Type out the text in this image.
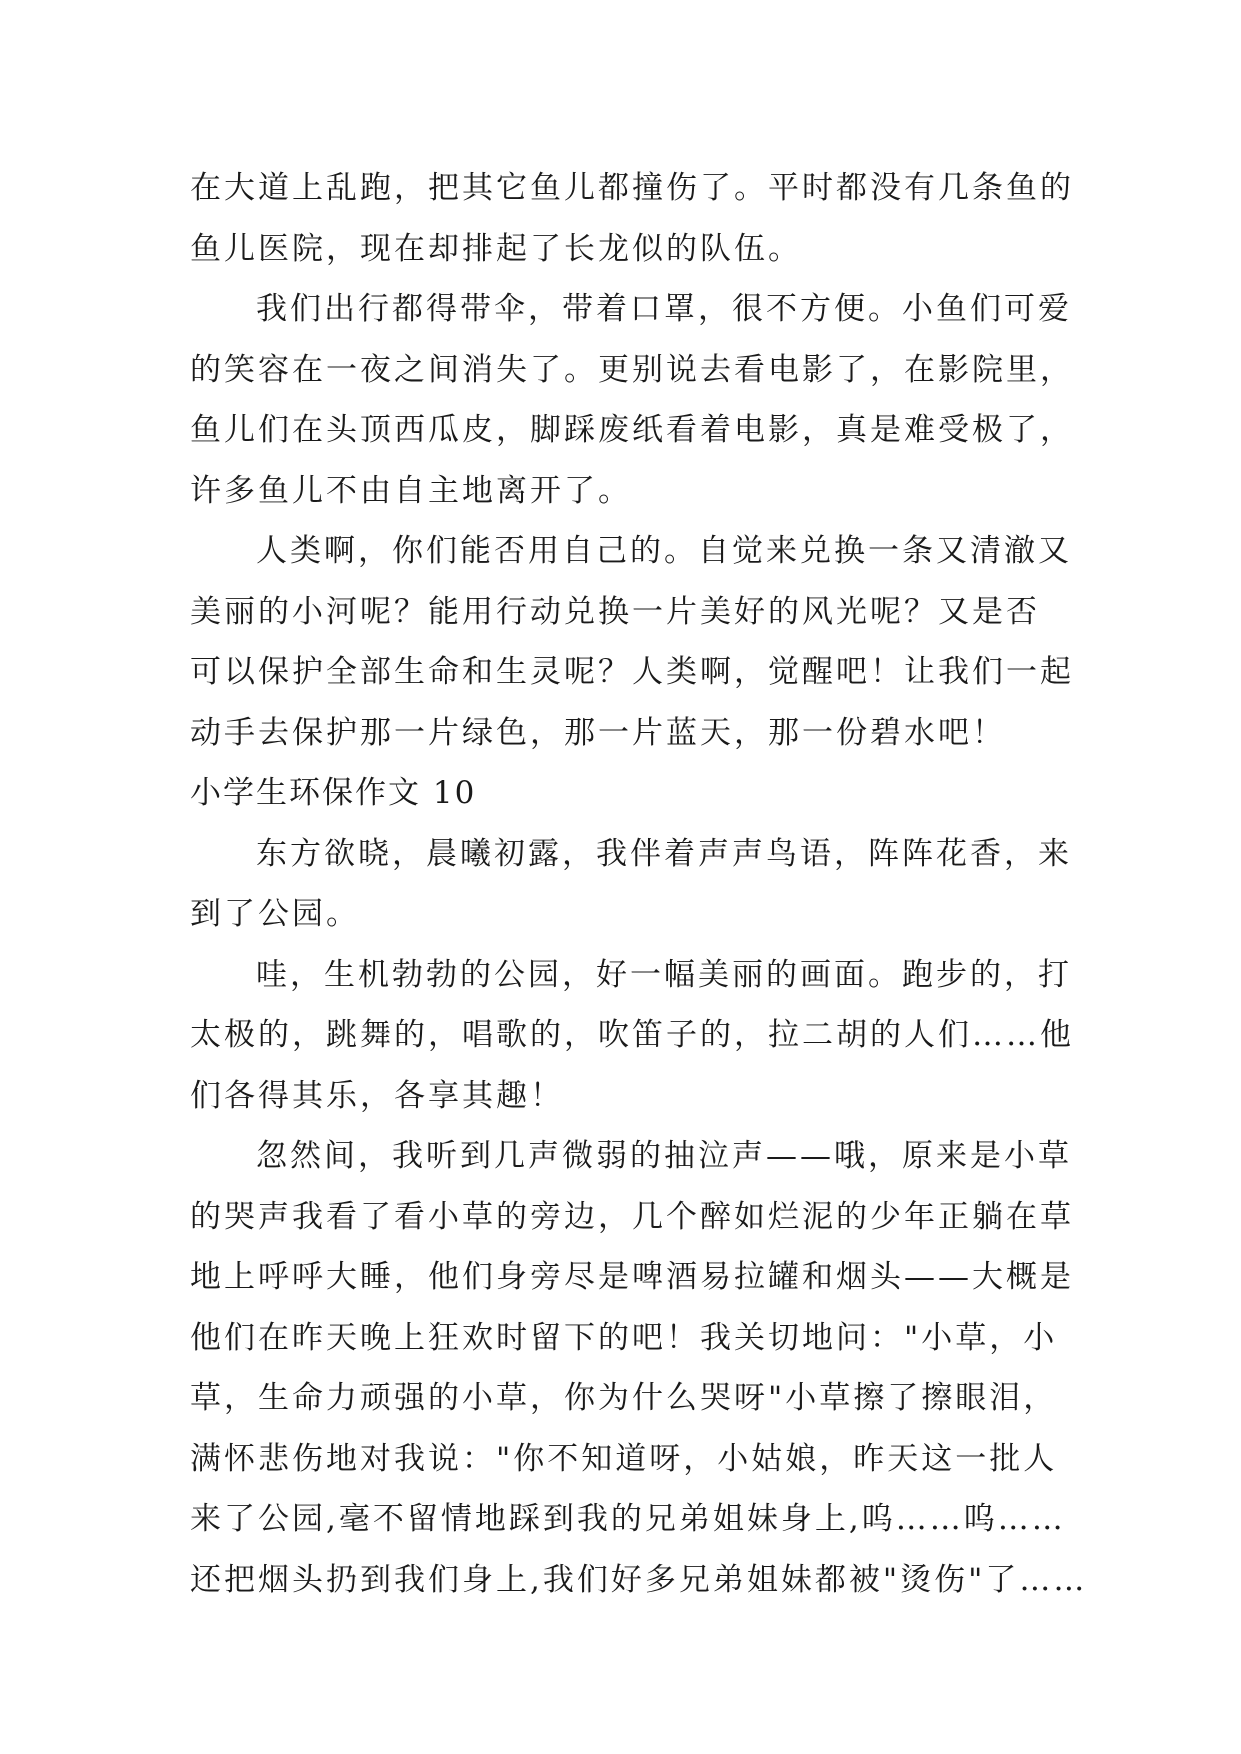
在大道上乱跑，把其它鱼儿都撞伤了。平时都没有几条鱼的
鱼儿医院，现在却排起了长龙似的队伍。
我们出行都得带伞，带着口罩，很不方便。小鱼们可爱
的笑容在一夜之间消失了。更别说去看电影了，在影院里，
鱼儿们在头顶西瓜皮，脚踩废纸看着电影，真是难受极了，
许多鱼儿不由自主地离开了。
人类啊，你们能否用自己的。自觉来兑换一条又清澈又
美丽的小河呢？能用行动兑换一片美好的风光呢？又是否
可以保护全部生命和生灵呢？人类啊，觉醒吧！让我们一起
动手去保护那一片绿色，那一片蓝天，那一份碧水吧！
小学生环保作文 10
东方欲晓，晨曦初露，我伴着声声鸟语，阵阵花香，来
到了公园。
哇，生机勃勃的公园，好一幅美丽的画面。跑步的，打
太极的，跳舞的，唱歌的，吹笛子的，拉二胡的人们……他
们各得其乐，各享其趣！
忽然间，我听到几声微弱的抽泣声——哦，原来是小草
的哭声我看了看小草的旁边，几个醉如烂泥的少年正躺在草
地上呼呼大睡，他们身旁尽是啤酒易拉罐和烟头——大概是
他们在昨天晚上狂欢时留下的吧！我关切地问："小草，小
草，生命力顽强的小草，你为什么哭呀"小草擦了擦眼泪，
满怀悲伤地对我说："你不知道呀，小姑娘，昨天这一批人
来了公园,毫不留情地踩到我的兄弟姐妹身上,呜……呜……
还把烟头扔到我们身上,我们好多兄弟姐妹都被"烫伤"了……
